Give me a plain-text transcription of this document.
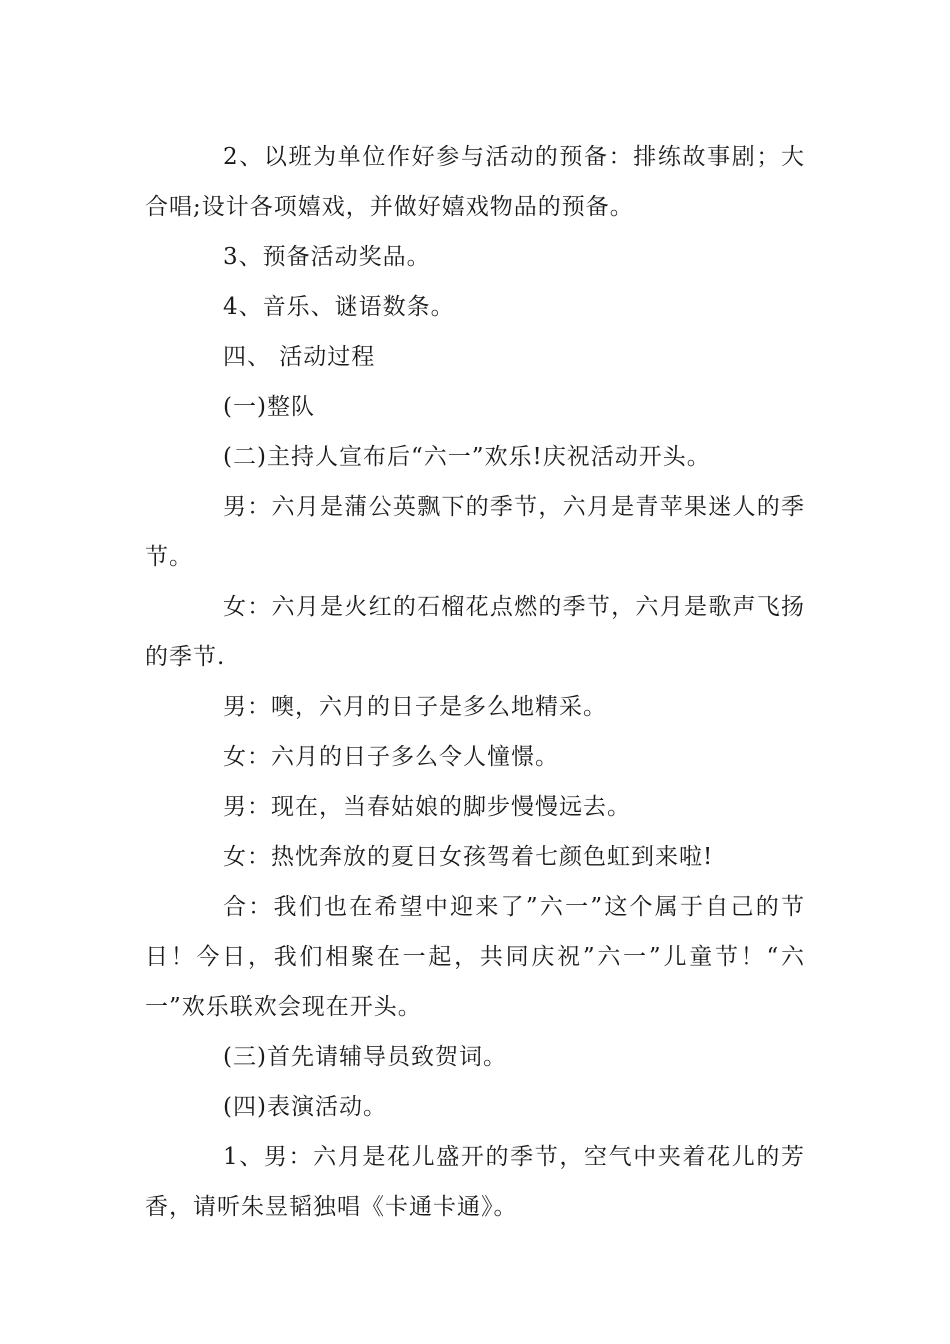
2、以班为单位作好参与活动的预备：排练故事剧；大合唱;设计各项嬉戏，并做好嬉戏物品的预备。

3、预备活动奖品。

4、音乐、谜语数条。

四、 活动过程

(一)整队

(二)主持人宣布后“六一”欢乐!庆祝活动开头。

男：六月是蒲公英飘下的季节，六月是青苹果迷人的季节。

女：六月是火红的石榴花点燃的季节，六月是歌声飞扬的季节.

男：噢，六月的日子是多么地精采。

女：六月的日子多么令人憧憬。

男：现在，当春姑娘的脚步慢慢远去。

女：热忱奔放的夏日女孩驾着七颜色虹到来啦!

合：我们也在希望中迎来了”六一”这个属于自己的节日！今日，我们相聚在一起，共同庆祝”六一”儿童节！“六一”欢乐联欢会现在开头。

(三)首先请辅导员致贺词。

(四)表演活动。

1、男：六月是花儿盛开的季节，空气中夹着花儿的芳香，请听朱昱韬独唱《卡通卡通》。
